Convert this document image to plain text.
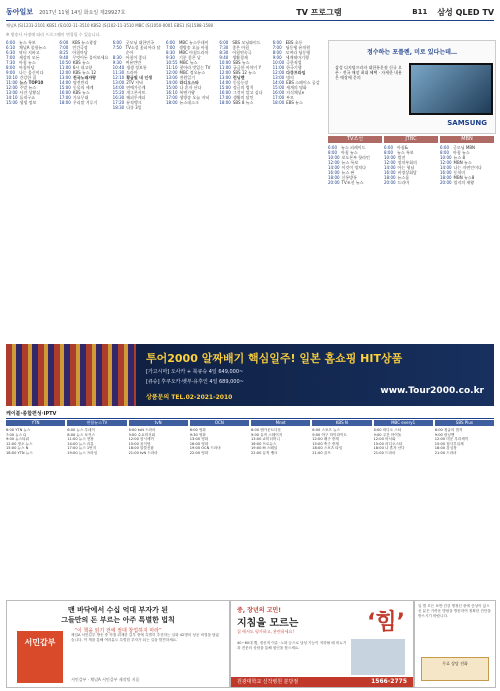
동아일보 2017년 11월 14일 화요일 제29927호	TV 프로그램	B11 삼성 QLED TV
채널A (S)1231-2101 KBS1 (S)102-11-3510 KBS2 (S)102-11-3510 MBC (S)1050-0001 EBS1 (S)1588-1580
※ 방송사 사정에 따라 프로그램이 변경될 수 있습니다.
6:00	뉴스 특보
6:10	채널A 종합뉴스
6:30	닥터 지바고
7:00	세상의 모든
7:30	아침 뉴스
8:00	아침마당
9:00	나는 몸신이다
10:10 건강한 집
11:00 뉴스 TOP10
12:00 주말 뉴스
13:00 사건 상황실
14:10 돌직구쇼
15:00 생생 정보
6:00	KBS 뉴스광장
7:00	인간극장
8:25	아침마당
9:40	무엇이든 물어보세요
10:50 KBS 뉴스
11:00 6시 내고향
12:00 KBS 뉴스 12
13:00 전국노래자랑
14:00 명견만리
15:00 동물의 세계
16:00 KBS 뉴스
17:00 가요무대
18:00 우리말 겨루기
6:00	굿모닝 대한민국
7:50	TV소설 꽃피어라 달순아
8:30	아침이 좋다
9:30	여유만만
10:40 생생 정보통
11:30 드라마
12:10 황금빛 내 인생
13:00 2TV 저녁
14:00 연예가중계
15:20 개그콘서트
16:30 해피투게더
17:20 뮤직뱅크
18:30 다큐 3일
6:00	MBC 뉴스투데이
7:00	생방송 오늘 아침
8:30	MBC 아침드라마
9:30	기분 좋은 날
10:55 MBC 뉴스
11:10 찾아라 맛있는 TV
12:00 MBC 정오뉴스
13:00 전원일기
14:00 라디오스타
15:00 나 혼자 산다
16:10 복면가왕
17:00 생방송 오늘 저녁
18:00 뉴스데스크
6:00	SBS 모닝와이드
7:30	좋은 아침
8:30	아침연속극
9:40	생활경제
10:00 SBS 뉴스
11:00 궁금한 이야기 Y
12:00 SBS 12 뉴스
13:00 런닝맨
14:00 동물농장
15:00 정글의 법칙
16:00 그것이 알고 싶다
17:00 생활의 달인
18:00 SBS 8 뉴스
6:00	EBS 초등
7:00	딩동댕 유치원
8:00	모여라 딩동댕
9:00	세계테마기행
10:00 극한직업
11:00 한국기행
12:00 다큐프라임
13:00 명의
14:00 EBS 스페이스 공감
15:00 세계의 명화
16:00 지식채널e
17:00 부모
18:00 EBS 뉴스
정수하는 포플렌, 미로 있다는데…
삼성 디지털프라자 대한통운점 신규 오픈 · 전국 매장 최대 혜택 · 자세한 내용은 매장에 문의
SAMSUNG
TV조선
6:00	뉴스 퍼레이드
8:00	아침 뉴스
10:00 보도본부 핫라인
12:00 뉴스 특보
14:00 이것이 정치다
16:00 뉴스 판
18:00 신통방통
20:00 TV조선 뉴스
JTBC
6:00	아침&
8:00	뉴스 특보
10:00 썰전
12:00 정치부회의
14:00 아는 형님
16:00 비정상회담
18:00 뉴스룸
20:00 드라마
MBN
6:00	굿모닝 MBN
8:00	아침 뉴스
10:00 뉴스 8
12:00 MBN 뉴스
14:00 나는 자연인이다
16:00 동치미
18:00 MBN 뉴스8
20:00 엄지의 제왕
투어2000 알짜배기 핵심일주! 일본 홈쇼핑 HIT상품
[가고시마] 오사카 + 북큐슈 4일 649,000~
[큐슈] 후쿠오카·벳부·유후인 4일 689,000~
상품문의 TEL.02-2021-2010
www.Tour2000.co.kr
케이블·종합편성·IPTV
YTN
6:00 YTN 뉴스
7:00 뉴스 Q
9:00 뉴스타워
12:00 정오 뉴스
15:00 뉴스 N
18:00 YTN 뉴스
연합뉴스TV
6:00 뉴스 투데이
8:00 뉴스 포커스
11:00 뉴스 현장
14:00 뉴스 리뷰
17:00 뉴스 1번지
19:00 뉴스 프라임
tvN
6:00 tvN 드라마
9:00 수요미식회
12:00 삼시세끼
15:00 윤식당
18:00 알쓸신잡
21:00 tvN 드라마
OCN
6:00 영화
9:30 영화
13:00 영화
16:00 영화
19:00 OCN 드라마
22:00 영화
Mnet
6:00 엠카운트다운
9:00 뮤직 스테이지
13:00 쇼미더머니
16:00 프로듀스
19:00 M 스페셜
22:00 뮤직 뱅크
KBS N
6:00 스포츠 뉴스
9:00 야구 하이라이트
12:00 배구 중계
15:00 축구 중계
18:00 스포츠 타임
21:00 골프
MBC every1
6:00 비디오 스타
9:00 주간 아이돌
12:00 어서와
15:00 라디오스타
18:00 나 혼자 산다
21:00 드라마
SBS Plus
6:00 정글의 법칙
9:00 런닝맨
12:00 미운 우리새끼
15:00 집사부일체
18:00 강심장
21:00 드라마
맨 바닥에서 수십 억대 부자가 된
그들만의 돈 부르는 아주 특별한 법칙
“이 책을 읽기 전에 절대 창업하지 마라”
서민갑부
채널A 서민갑부 방송 중 직접 취재한 갑부 중에 특별히 추천하는 실화 42명의 성공 비결을 담았습니다. 이 책을 통해 여러분도 특별한 부자가 되는 길을 발견하세요.
서민갑부 · 채널A 서민갑부 제작팀 지음
중, 장년의 고민!
지침을 모르는
집 에서도 평가하고, 관련하세요!	‘힘’
40~60대 男, 정신적 이유 ·노화 등으로 남성 기능이 저하될 때 비뇨기과 전문의 상담을 통해 원인을 찾으세요.
원광대학교 신작병원 분당점	1566-2775
일 별 모든 보면·건강 병정신 중에 증상이 있으신 분은 가까운 병원을 방문하여 정확한 진단을 받으시기 바랍니다.
무료 상담 전화
